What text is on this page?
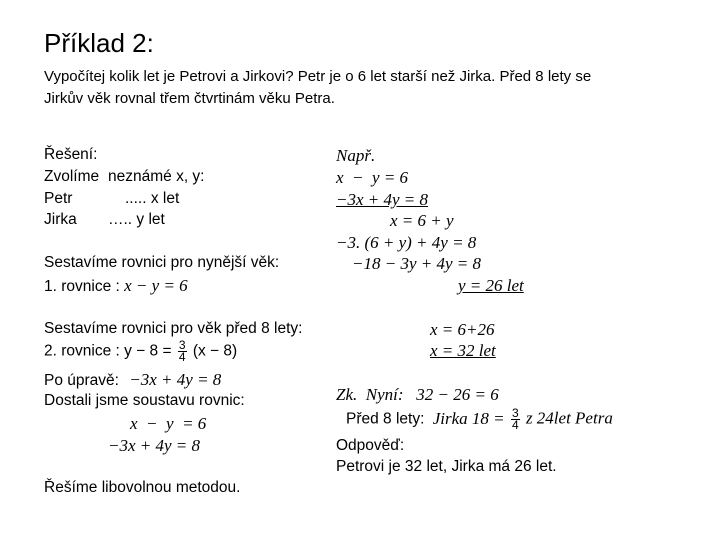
Příklad 2:
Vypočítej kolik let je Petrovi a Jirkovi? Petr je o 6 let starší než Jirka. Před 8 lety se
Jirkův věk rovnal třem čtvrtinám věku Petra.
Řešení:
Zvolíme neznámé x, y:
Petr	..... x let
Jirka ….. y let
Sestavíme rovnici pro nynější věk:
1. rovnice : x − y = 6
Sestavíme rovnici pro věk před 8 lety:
2. rovnice : $y - 8 = \frac{3}{4} (x - 8)$
Po úpravě: −3x + 4y = 8
Dostali jsme soustavu rovnic:
x  −  y  = 6
−3x + 4y = 8
Řešíme libovolnou metodou.
Např.
x  −  y = 6
−3x + 4y = 8
x = 6 + y
−3. (6 + y) + 4y = 8
−18 − 3y + 4y = 8
y = 26 let
x = 6+26
x = 32 let
Zk.  Nyní:   32 − 26 = 6
Před 8 lety: Jirka $18 = \frac{3}{4}$ z 24let Petra
Odpověď:
Petrovi je 32 let, Jirka má 26 let.
